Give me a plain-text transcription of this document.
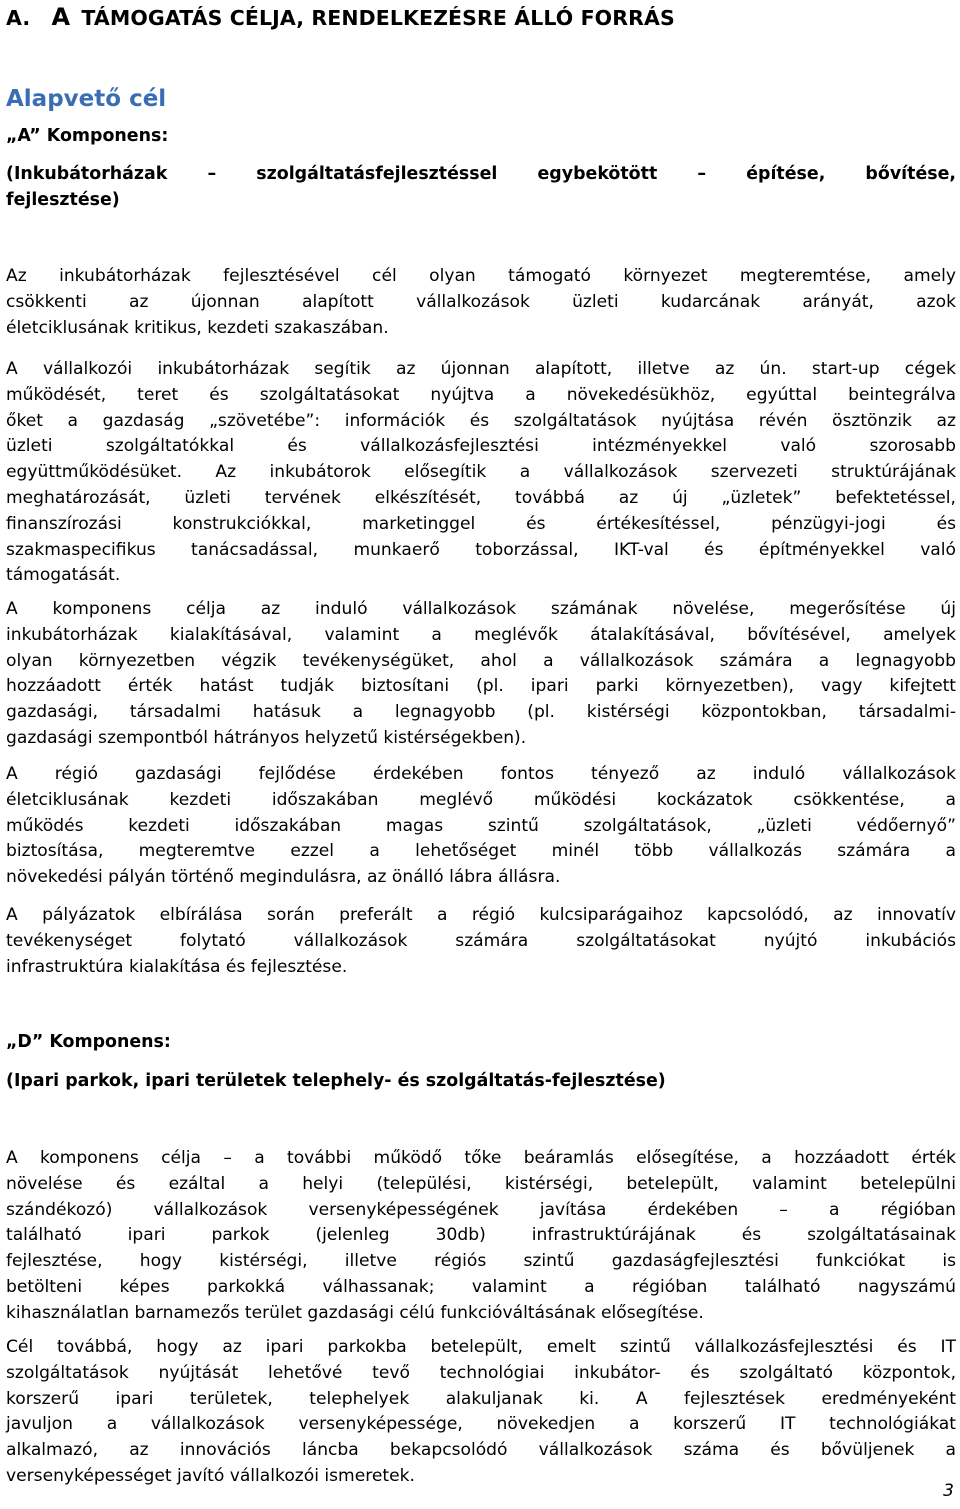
A. A TÁMOGATÁS CÉLJA, RENDELKEZÉSRE ÁLLÓ FORRÁS
Alapvető cél
„A” Komponens:
(Inkubátorházak – szolgáltatásfejlesztéssel egybekötött – építése, bővítése,
fejlesztése)
Az inkubátorházak fejlesztésével cél olyan támogató környezet megteremtése, amely
csökkenti az újonnan alapított vállalkozások üzleti kudarcának arányát, azok
életciklusának kritikus, kezdeti szakaszában.
A vállalkozói inkubátorházak segítik az újonnan alapított, illetve az ún. start-up cégek
működését, teret és szolgáltatásokat nyújtva a növekedésükhöz, egyúttal beintegrálva
őket a gazdaság „szövetébe”: információk és szolgáltatások nyújtása révén ösztönzik az
üzleti szolgáltatókkal és vállalkozásfejlesztési intézményekkel való szorosabb
együttműködésüket. Az inkubátorok elősegítik a vállalkozások szervezeti struktúrájának
meghatározását, üzleti tervének elkészítését, továbbá az új „üzletek” befektetéssel,
finanszírozási konstrukciókkal, marketinggel és értékesítéssel, pénzügyi-jogi és
szakmaspecifikus tanácsadással, munkaerő toborzással, IKT-val és építményekkel való
támogatását.
A komponens célja az induló vállalkozások számának növelése, megerősítése új
inkubátorházak kialakításával, valamint a meglévők átalakításával, bővítésével, amelyek
olyan környezetben végzik tevékenységüket, ahol a vállalkozások számára a legnagyobb
hozzáadott érték hatást tudják biztosítani (pl. ipari parki környezetben), vagy kifejtett
gazdasági, társadalmi hatásuk a legnagyobb (pl. kistérségi központokban, társadalmi-
gazdasági szempontból hátrányos helyzetű kistérségekben).
A régió gazdasági fejlődése érdekében fontos tényező az induló vállalkozások
életciklusának kezdeti időszakában meglévő működési kockázatok csökkentése, a
működés kezdeti időszakában magas szintű szolgáltatások, „üzleti védőernyő”
biztosítása, megteremtve ezzel a lehetőséget minél több vállalkozás számára a
növekedési pályán történő megindulásra, az önálló lábra állásra.
A pályázatok elbírálása során preferált a régió kulcsiparágaihoz kapcsolódó, az innovatív
tevékenységet folytató vállalkozások számára szolgáltatásokat nyújtó inkubációs
infrastruktúra kialakítása és fejlesztése.
„D” Komponens:
(Ipari parkok, ipari területek telephely- és szolgáltatás-fejlesztése)
A komponens célja – a további működő tőke beáramlás elősegítése, a hozzáadott érték
növelése és ezáltal a helyi (települési, kistérségi, betelepült, valamint betelepülni
szándékozó) vállalkozások versenyképességének javítása érdekében – a régióban
található ipari parkok (jelenleg 30db) infrastruktúrájának és szolgáltatásainak
fejlesztése, hogy kistérségi, illetve régiós szintű gazdaságfejlesztési funkciókat is
betölteni képes parkokká válhassanak; valamint a régióban található nagyszámú
kihasználatlan barnamezős terület gazdasági célú funkcióváltásának elősegítése.
Cél továbbá, hogy az ipari parkokba betelepült, emelt szintű vállalkozásfejlesztési és IT
szolgáltatások nyújtását lehetővé tevő technológiai inkubátor- és szolgáltató központok,
korszerű ipari területek, telephelyek alakuljanak ki. A fejlesztések eredményeként
javuljon a vállalkozások versenyképessége, növekedjen a korszerű IT technológiákat
alkalmazó, az innovációs láncba bekapcsolódó vállalkozások száma és bővüljenek a
versenyképességet javító vállalkozói ismeretek.
3
